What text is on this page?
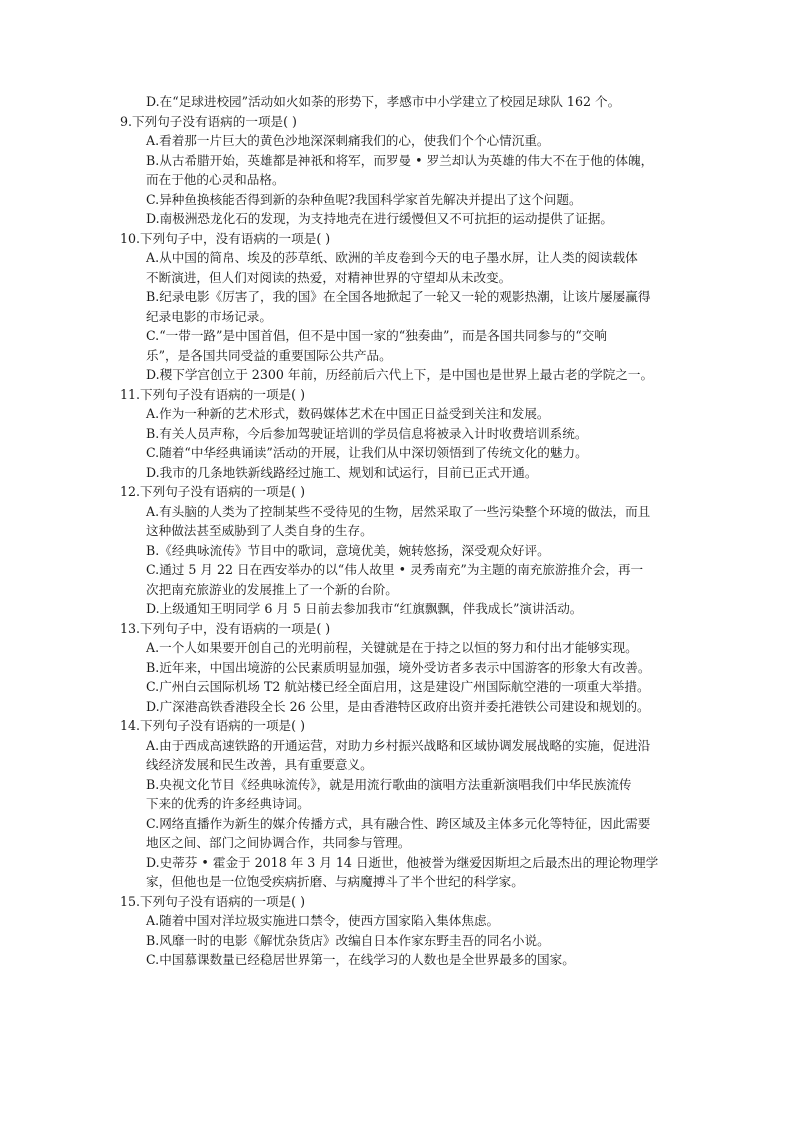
D.在“足球进校园”活动如火如荼的形势下，孝感市中小学建立了校园足球队 162 个。
9.下列句子没有语病的一项是( )
A.看着那一片巨大的黄色沙地深深刺痛我们的心，使我们个个心情沉重。
B.从古希腊开始，英雄都是神祇和将军，而罗曼 • 罗兰却认为英雄的伟大不在于他的体魄，
而在于他的心灵和品格。
C.异种鱼换核能否得到新的杂种鱼呢?我国科学家首先解决并提出了这个问题。
D.南极洲恐龙化石的发现，为支持地壳在进行缓慢但又不可抗拒的运动提供了证据。
10.下列句子中，没有语病的一项是( )
A.从中国的简帛、埃及的莎草纸、欧洲的羊皮卷到今天的电子墨水屏，让人类的阅读载体
不断演进，但人们对阅读的热爱，对精神世界的守望却从未改变。
B.纪录电影《厉害了，我的国》在全国各地掀起了一轮又一轮的观影热潮，让该片屡屡赢得
纪录电影的市场记录。
C.“一带一路”是中国首倡，但不是中国一家的“独奏曲”，而是各国共同参与的“交响
乐”，是各国共同受益的重要国际公共产品。
D.稷下学宫创立于 2300 年前，历经前后六代上下，是中国也是世界上最古老的学院之一。
11.下列句子没有语病的一项是( )
A.作为一种新的艺术形式，数码媒体艺术在中国正日益受到关注和发展。
B.有关人员声称，今后参加驾驶证培训的学员信息将被录入计时收费培训系统。
C.随着“中华经典诵读”活动的开展，让我们从中深切领悟到了传统文化的魅力。
D.我市的几条地铁新线路经过施工、规划和试运行，目前已正式开通。
12.下列句子没有语病的一项是( )
A.有头脑的人类为了控制某些不受待见的生物，居然采取了一些污染整个环境的做法，而且
这种做法甚至威胁到了人类自身的生存。
B.《经典咏流传》节目中的歌词，意境优美，婉转悠扬，深受观众好评。
C.通过 5 月 22 日在西安举办的以“伟人故里 • 灵秀南充”为主题的南充旅游推介会，再一
次把南充旅游业的发展推上了一个新的台阶。
D.上级通知王明同学 6 月 5 日前去参加我市“红旗飘飘，伴我成长”演讲活动。
13.下列句子中，没有语病的一项是( )
A.一个人如果要开创自己的光明前程，关键就是在于持之以恒的努力和付出才能够实现。
B.近年来，中国出境游的公民素质明显加强，境外受访者多表示中国游客的形象大有改善。
C.广州白云国际机场 T2 航站楼已经全面启用，这是建设广州国际航空港的一项重大举措。
D.广深港高铁香港段全长 26 公里，是由香港特区政府出资并委托港铁公司建设和规划的。
14.下列句子没有语病的一项是( )
A.由于西成高速铁路的开通运营，对助力乡村振兴战略和区域协调发展战略的实施，促进沿
线经济发展和民生改善，具有重要意义。
B.央视文化节目《经典咏流传》，就是用流行歌曲的演唱方法重新演唱我们中华民族流传
下来的优秀的许多经典诗词。
C.网络直播作为新生的媒介传播方式，具有融合性、跨区域及主体多元化等特征，因此需要
地区之间、部门之间协调合作，共同参与管理。
D.史蒂芬 • 霍金于 2018 年 3 月 14 日逝世，他被誉为继爱因斯坦之后最杰出的理论物理学
家，但他也是一位饱受疾病折磨、与病魔搏斗了半个世纪的科学家。
15.下列句子没有语病的一项是( )
A.随着中国对洋垃圾实施进口禁令，使西方国家陷入集体焦虑。
B.风靡一时的电影《解忧杂货店》改编自日本作家东野圭吾的同名小说。
C.中国慕课数量已经稳居世界第一，在线学习的人数也是全世界最多的国家。
